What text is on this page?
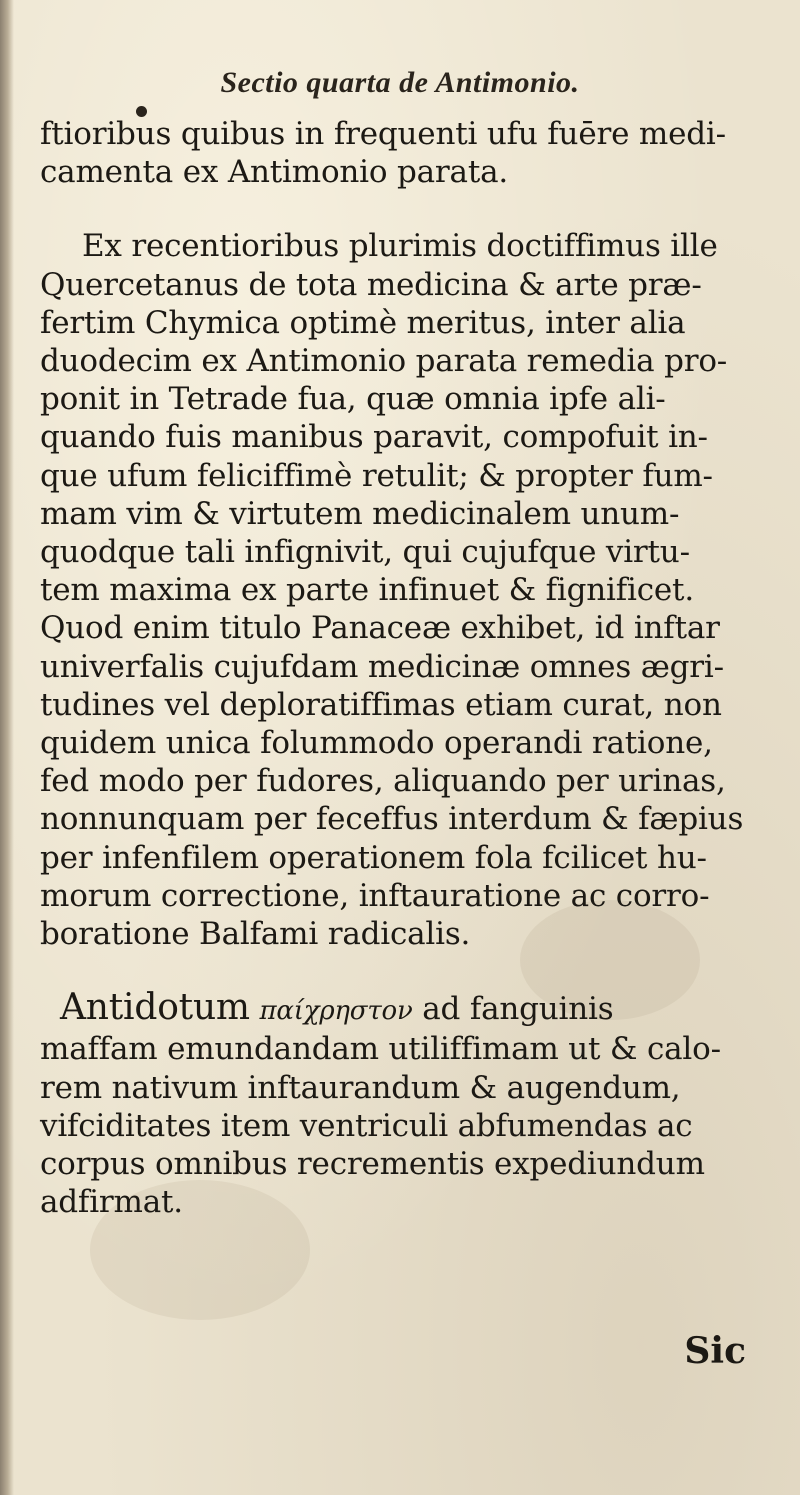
Sectio quarta de Antimonio.
ftioribus quibus in frequenti ufu fuēre medi-
camenta ex Antimonio parata.
Ex recentioribus plurimis doctiffimus ille
Quercetanus de tota medicina & arte præ-
fertim Chymica optimè meritus, inter alia
duodecim ex Antimonio parata remedia pro-
ponit in Tetrade fua, quæ omnia ipfe ali-
quando fuis manibus paravit, compofuit in-
que ufum feliciffimè retulit; & propter fum-
mam vim & virtutem medicinalem unum-
quodque tali infignivit, qui cujufque virtu-
tem maxima ex parte infinuet & fignificet.
Quod enim titulo Panaceæ exhibet, id inftar
univerfalis cujufdam medicinæ omnes ægri-
tudines vel deploratiffimas etiam curat, non
quidem unica folummodo operandi ratione,
fed modo per fudores, aliquando per urinas,
nonnunquam per feceffus interdum & fæpius
per infenfilem operationem fola fcilicet hu-
morum correctione, inftauratione ac corro-
boratione Balfami radicalis.
Antidotum παίχρηστον ad fanguinis
maffam emundandam utiliffimam ut & calo-
rem nativum inftaurandum & augendum,
vifciditates item ventriculi abfumendas ac
corpus omnibus recrementis expediundum
adfirmat.
Sic
